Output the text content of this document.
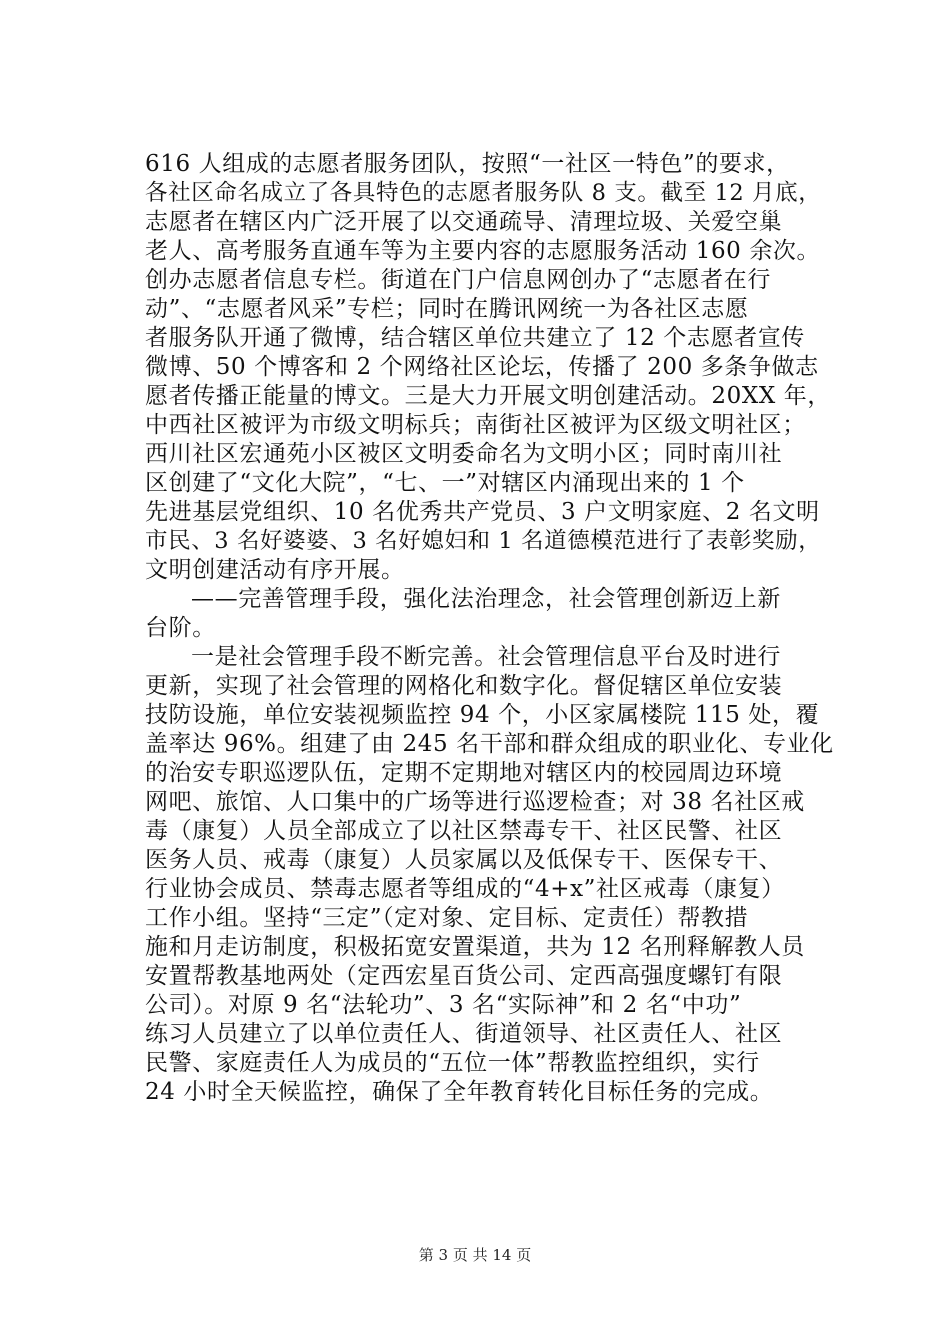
616 人组成的志愿者服务团队，按照“一社区一特色”的要求，
各社区命名成立了各具特色的志愿者服务队 8 支。截至 12 月底，
志愿者在辖区内广泛开展了以交通疏导、清理垃圾、关爱空巢
老人、高考服务直通车等为主要内容的志愿服务活动 160 余次。
创办志愿者信息专栏。街道在门户信息网创办了“志愿者在行
动”、“志愿者风采”专栏；同时在腾讯网统一为各社区志愿
者服务队开通了微博，结合辖区单位共建立了 12 个志愿者宣传
微博、50 个博客和 2 个网络社区论坛，传播了 200 多条争做志
愿者传播正能量的博文。三是大力开展文明创建活动。20XX 年，
中西社区被评为市级文明标兵；南街社区被评为区级文明社区；
西川社区宏通苑小区被区文明委命名为文明小区；同时南川社
区创建了“文化大院”，“七、一”对辖区内涌现出来的 1 个
先进基层党组织、10 名优秀共产党员、3 户文明家庭、2 名文明
市民、3 名好婆婆、3 名好媳妇和 1 名道德模范进行了表彰奖励，
文明创建活动有序开展。
——完善管理手段，强化法治理念，社会管理创新迈上新
台阶。
一是社会管理手段不断完善。社会管理信息平台及时进行
更新，实现了社会管理的网格化和数字化。督促辖区单位安装
技防设施，单位安装视频监控 94 个，小区家属楼院 115 处，覆
盖率达 96%。组建了由 245 名干部和群众组成的职业化、专业化
的治安专职巡逻队伍，定期不定期地对辖区内的校园周边环境
网吧、旅馆、人口集中的广场等进行巡逻检查；对 38 名社区戒
毒（康复）人员全部成立了以社区禁毒专干、社区民警、社区
医务人员、戒毒（康复）人员家属以及低保专干、医保专干、
行业协会成员、禁毒志愿者等组成的“4+x”社区戒毒（康复）
工作小组。坚持“三定”（定对象、定目标、定责任）帮教措
施和月走访制度，积极拓宽安置渠道，共为 12 名刑释解教人员
安置帮教基地两处（定西宏星百货公司、定西高强度螺钉有限
公司）。对原 9 名“法轮功”、3 名“实际神”和 2 名“中功”
练习人员建立了以单位责任人、街道领导、社区责任人、社区
民警、家庭责任人为成员的“五位一体”帮教监控组织，实行
24 小时全天候监控，确保了全年教育转化目标任务的完成。
第 3 页 共 14 页
